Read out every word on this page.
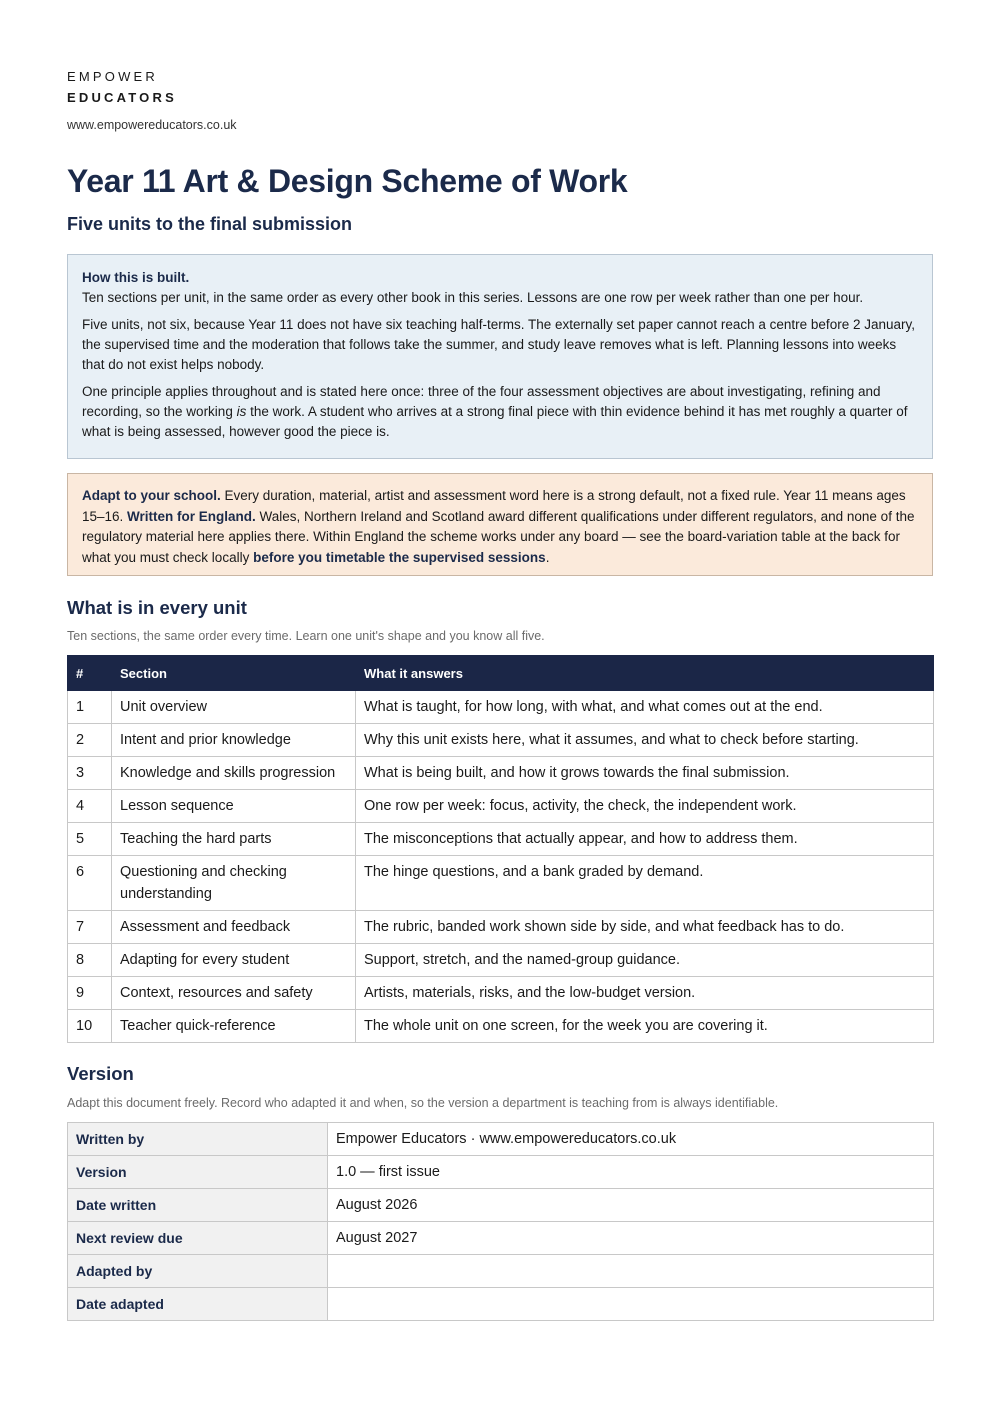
EMPOWER
EDUCATORS
www.empowereducators.co.uk
Year 11 Art & Design Scheme of Work
Five units to the final submission
How this is built.

Ten sections per unit, in the same order as every other book in this series. Lessons are one row per week rather than one per hour.

Five units, not six, because Year 11 does not have six teaching half-terms. The externally set paper cannot reach a centre before 2 January, the supervised time and the moderation that follows take the summer, and study leave removes what is left. Planning lessons into weeks that do not exist helps nobody.

One principle applies throughout and is stated here once: three of the four assessment objectives are about investigating, refining and recording, so the working is the work. A student who arrives at a strong final piece with thin evidence behind it has met roughly a quarter of what is being assessed, however good the piece is.

Adapt to your school. Every duration, material, artist and assessment word here is a strong default, not a fixed rule. Year 11 means ages 15–16. Written for England. Wales, Northern Ireland and Scotland award different qualifications under different regulators, and none of the regulatory material here applies there. Within England the scheme works under any board — see the board-variation table at the back for what you must check locally before you timetable the supervised sessions.
What is in every unit
Ten sections, the same order every time. Learn one unit's shape and you know all five.
#	Section	What it answers
1	Unit overview	What is taught, for how long, with what, and what comes out at the end.
2	Intent and prior knowledge	Why this unit exists here, what it assumes, and what to check before starting.
3	Knowledge and skills progression	What is being built, and how it grows towards the final submission.
4	Lesson sequence	One row per week: focus, activity, the check, the independent work.
5	Teaching the hard parts	The misconceptions that actually appear, and how to address them.
6	Questioning and checking understanding	The hinge questions, and a bank graded by demand.
7	Assessment and feedback	The rubric, banded work shown side by side, and what feedback has to do.
8	Adapting for every student	Support, stretch, and the named-group guidance.
9	Context, resources and safety	Artists, materials, risks, and the low-budget version.
10	Teacher quick-reference	The whole unit on one screen, for the week you are covering it.
Version
Adapt this document freely. Record who adapted it and when, so the version a department is teaching from is always identifiable.
Written by	Empower Educators · www.empowereducators.co.uk
Version	1.0 — first issue
Date written	August 2026
Next review due	August 2027
Adapted by	
Date adapted	
